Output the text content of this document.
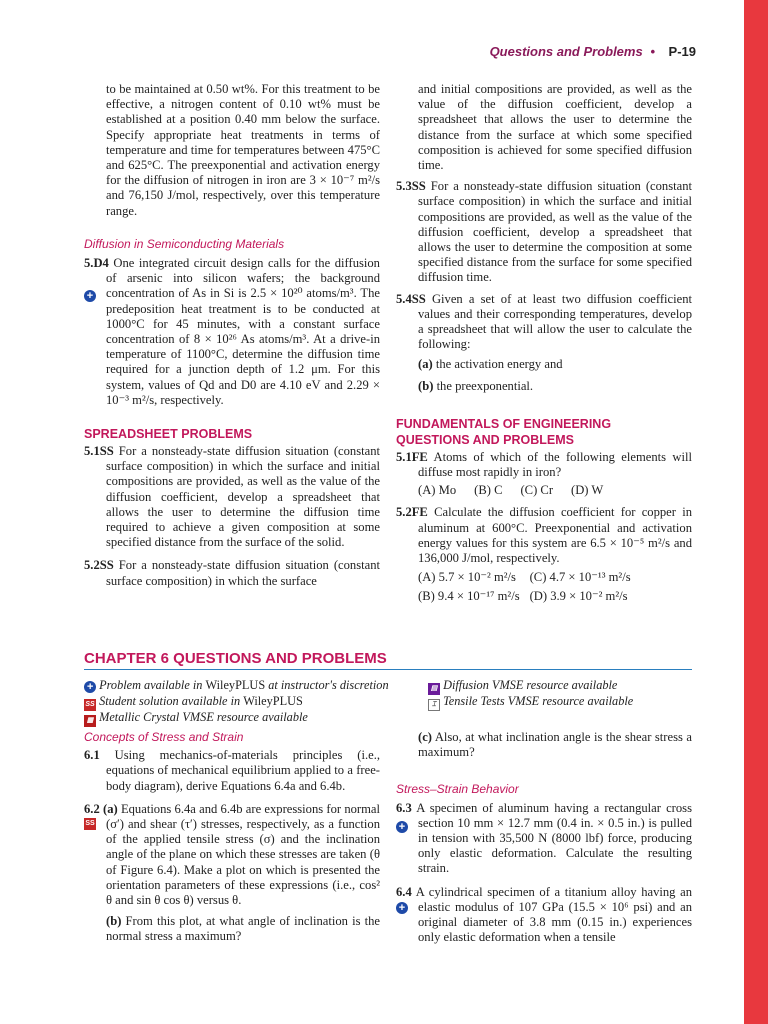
Questions and Problems • P-19

to be maintained at 0.50 wt%. For this treatment to be effective, a nitrogen content of 0.10 wt% must be established at a position 0.40 mm below the surface. Specify appropriate heat treatments in terms of temperature and time for temperatures between 475°C and 625°C. The preexponential and activation energy for the diffusion of nitrogen in iron are 3 × 10⁻⁷ m²/s and 76,150 J/mol, respectively, over this temperature range.

Diffusion in Semiconducting Materials

5.D4 One integrated circuit design calls for the diffusion of arsenic into silicon wafers; the background concentration of As in Si is 2.5 × 10²⁰ atoms/m³. The predeposition heat treatment is to be conducted at 1000°C for 45 minutes, with a constant surface concentration of 8 × 10²⁶ As atoms/m³. At a drive-in temperature of 1100°C, determine the diffusion time required for a junction depth of 1.2 μm. For this system, values of Qd and D0 are 4.10 eV and 2.29 × 10⁻³ m²/s, respectively.

SPREADSHEET PROBLEMS

5.1SS For a nonsteady-state diffusion situation (constant surface composition) in which the surface and initial compositions are provided, as well as the value of the diffusion coefficient, develop a spreadsheet that allows the user to determine the diffusion time required to achieve a given composition at some specified distance from the surface of the solid.

5.2SS For a nonsteady-state diffusion situation (constant surface composition) in which the surface

+

and initial compositions are provided, as well as the value of the diffusion coefficient, develop a spreadsheet that allows the user to determine the distance from the surface at which some specified composition is achieved for some specified diffusion time.

5.3SS For a nonsteady-state diffusion situation (constant surface composition) in which the surface and initial compositions are provided, as well as the value of the diffusion coefficient, develop a spreadsheet that allows the user to determine the composition at some specified distance from the surface for some specified diffusion time.

5.4SS Given a set of at least two diffusion coefficient values and their corresponding temperatures, develop a spreadsheet that will allow the user to calculate the following:

(a) the activation energy and

(b) the preexponential.

FUNDAMENTALS OF ENGINEERING

QUESTIONS AND PROBLEMS

5.1FE Atoms of which of the following elements will diffuse most rapidly in iron?

(A) Mo (B) C (C) Cr (D) W

5.2FE Calculate the diffusion coefficient for copper in aluminum at 600°C. Preexponential and activation energy values for this system are 6.5 × 10⁻⁵ m²/s and 136,000 J/mol, respectively.

(A) 5.7 × 10⁻² m²/s (C) 4.7 × 10⁻¹³ m²/s
(B) 9.4 × 10⁻¹⁷ m²/s (D) 3.9 × 10⁻² m²/s
CHAPTER 6 QUESTIONS AND PROBLEMS
+ Problem available in WileyPLUS at instructor's discretion
SS Student solution available in WileyPLUS
▦ Metallic Crystal VMSE resource available
▤ Diffusion VMSE resource available
⌶ Tensile Tests VMSE resource available

Concepts of Stress and Strain

6.1 Using mechanics-of-materials principles (i.e., equations of mechanical equilibrium applied to a free-body diagram), derive Equations 6.4a and 6.4b.

6.2 (a) Equations 6.4a and 6.4b are expressions for normal (σ′) and shear (τ′) stresses, respectively, as a function of the applied tensile stress (σ) and the inclination angle of the plane on which these stresses are taken (θ of Figure 6.4). Make a plot on which is presented the orientation parameters of these expressions (i.e., cos² θ and sin θ cos θ) versus θ.

(b) From this plot, at what angle of inclination is the normal stress a maximum?

SS

(c) Also, at what inclination angle is the shear stress a maximum?

Stress–Strain Behavior

6.3 A specimen of aluminum having a rectangular cross section 10 mm × 12.7 mm (0.4 in. × 0.5 in.) is pulled in tension with 35,500 N (8000 lbf) force, producing only elastic deformation. Calculate the resulting strain.

6.4 A cylindrical specimen of a titanium alloy having an elastic modulus of 107 GPa (15.5 × 10⁶ psi) and an original diameter of 3.8 mm (0.15 in.) experiences only elastic deformation when a tensile

+
+
